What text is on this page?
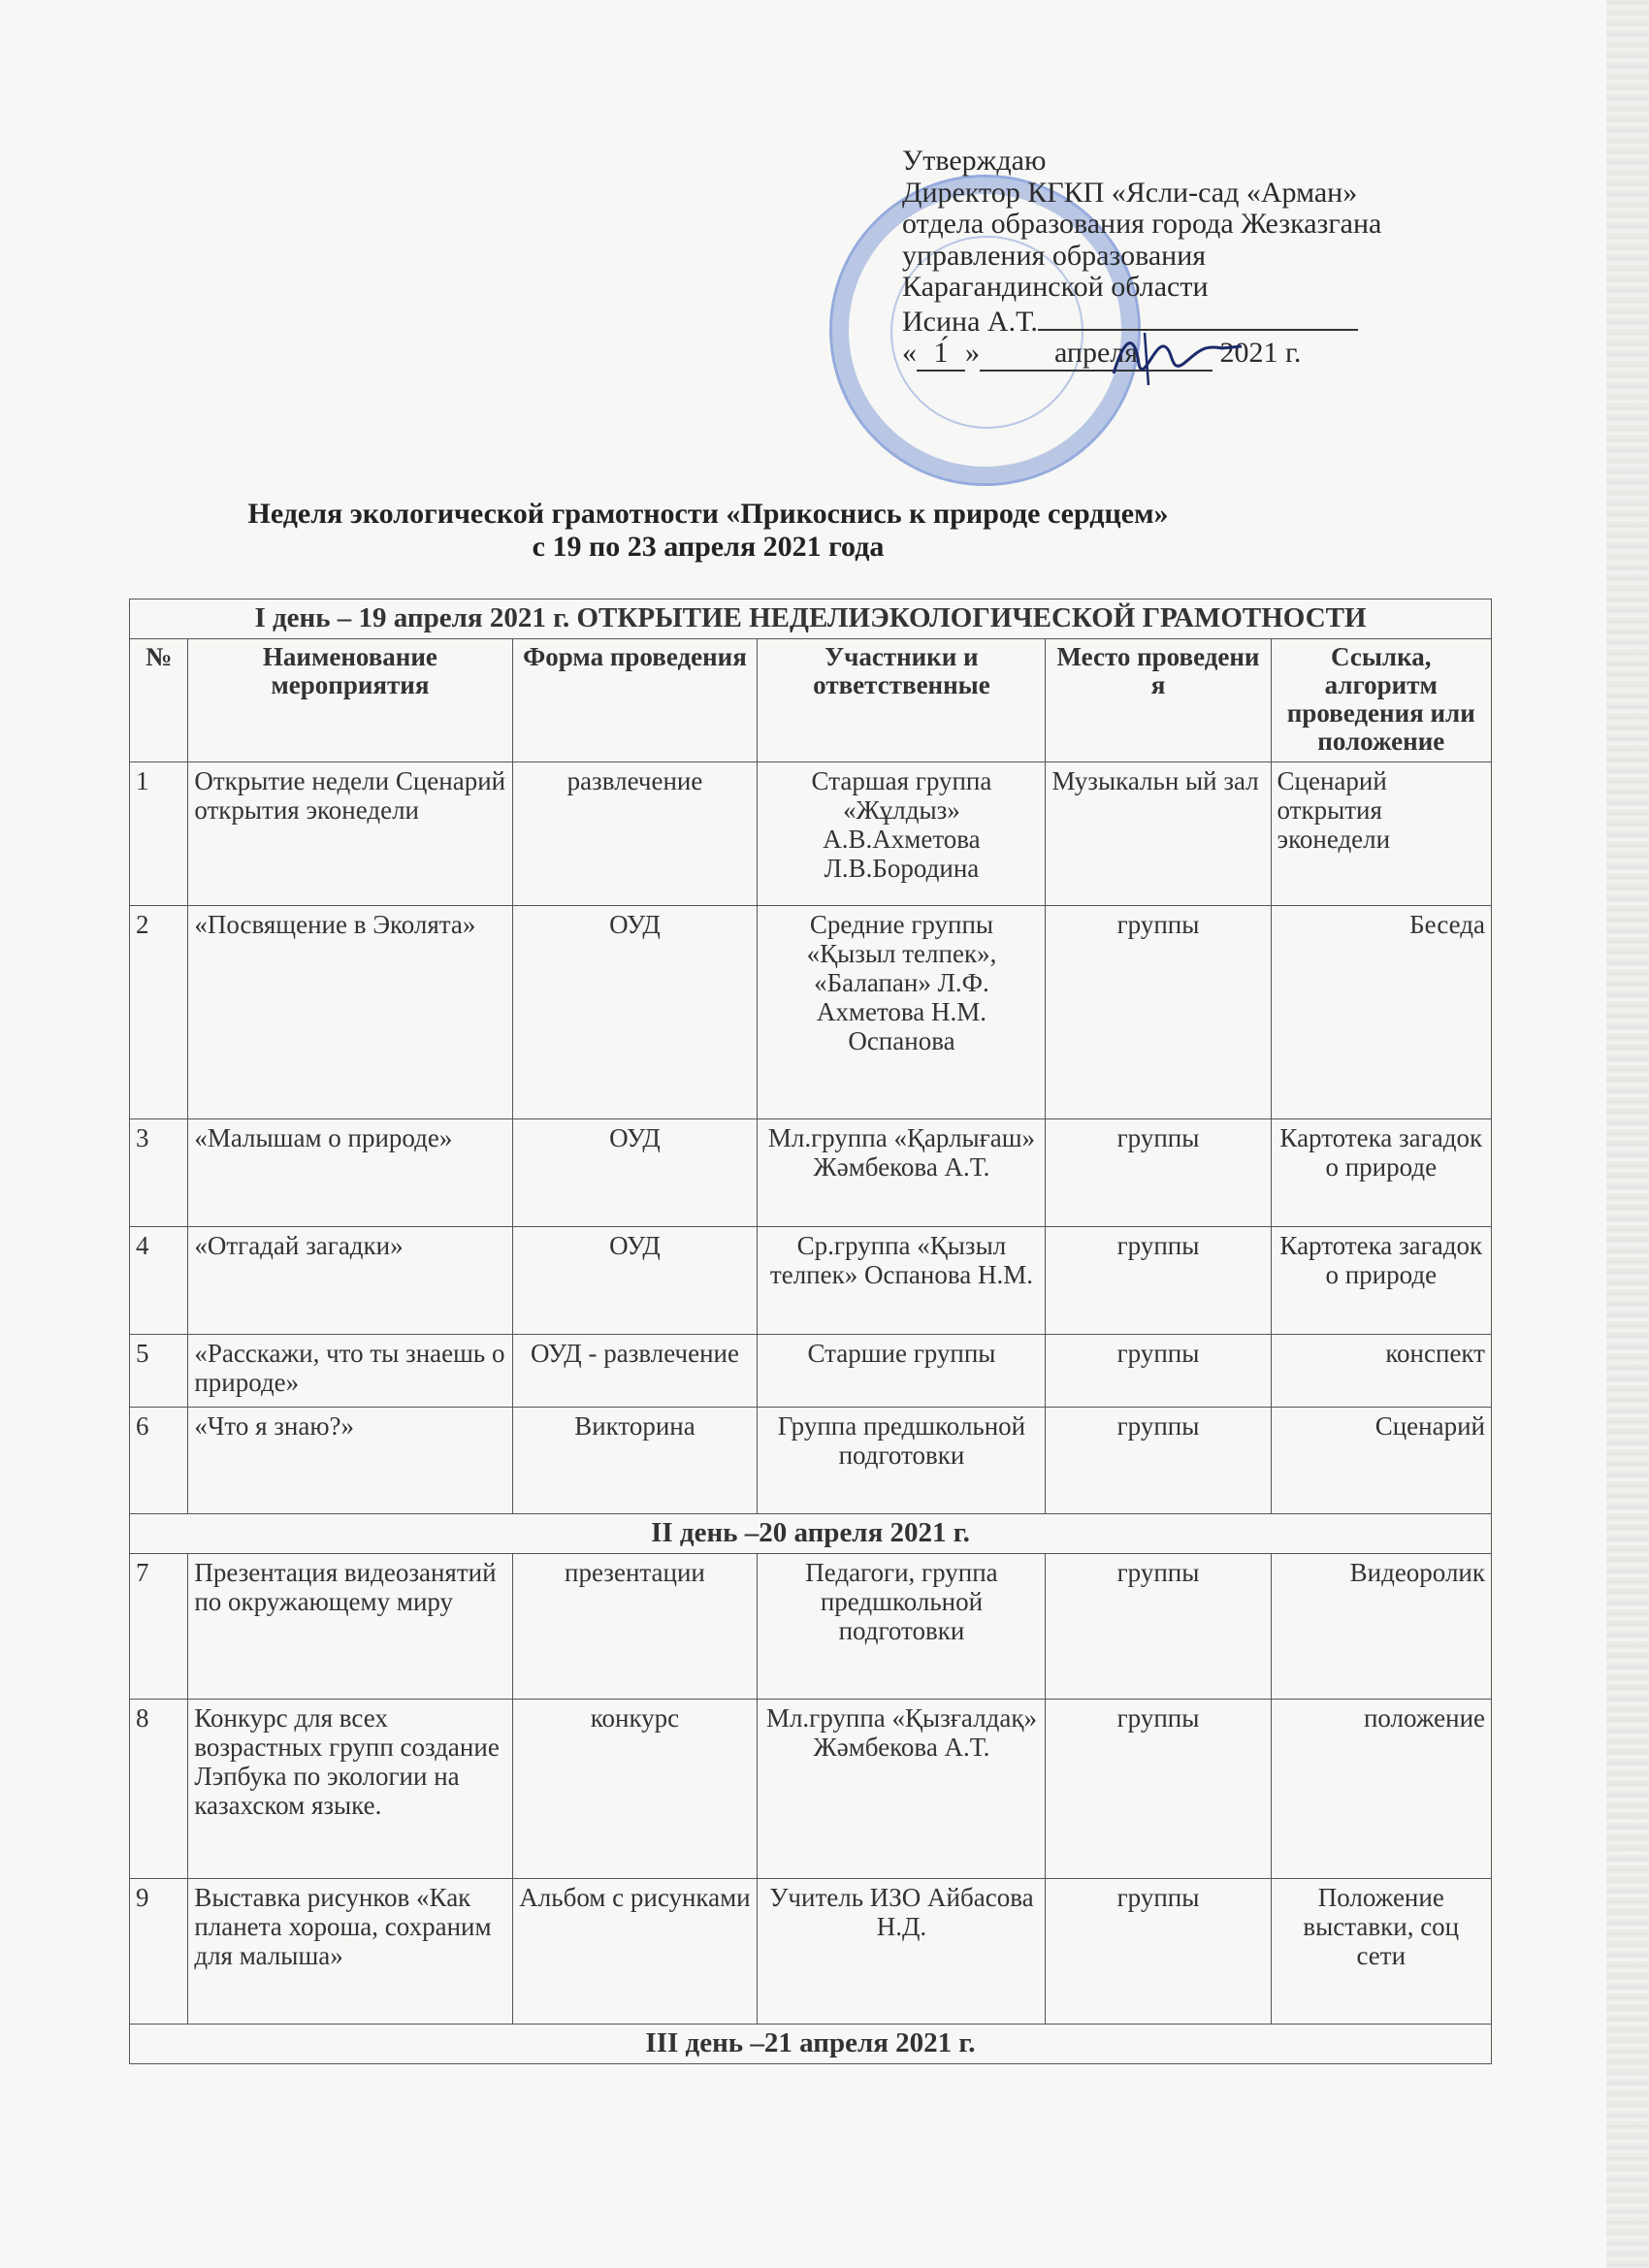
Утверждаю
Директор КГКП «Ясли-сад «Арман»
отдела образования города Жезказгана
управления образования
Карагандинской области
Исина А.Т.
« 1́ »	апреля	2021 г.
Неделя экологической грамотности «Прикоснись к природе сердцем»
с 19 по 23 апреля 2021 года
I день – 19 апреля 2021 г. ОТКРЫТИЕ НЕДЕЛИЭКОЛОГИЧЕСКОЙ ГРАМОТНОСТИ					
№	Наименование мероприятия	Форма проведения	Участники и ответственные	Место проведени я	Ссылка, алгоритм проведения или положение
1	Открытие недели Сценарий открытия эконедели	развлечение	Старшая группа «Жұлдыз» А.В.Ахметова Л.В.Бородина	Музыкальн ый зал	Сценарий открытия эконедели
2	«Посвящение в Эколята»	ОУД	Средние группы «Қызыл телпек», «Балапан» Л.Ф. Ахметова Н.М. Оспанова	группы	Беседа
3	«Малышам о природе»	ОУД	Мл.группа «Қарлығаш» Жәмбекова А.Т.	группы	Картотека загадок о природе
4	«Отгадай загадки»	ОУД	Ср.группа «Қызыл телпек» Оспанова Н.М.	группы	Картотека загадок о природе
5	«Расскажи, что ты знаешь о природе»	ОУД - развлечение	Старшие группы	группы	конспект
6	«Что я знаю?»	Викторина	Группа предшкольной подготовки	группы	Сценарий
II день –20 апреля 2021 г.					
7	Презентация видеозанятий по окружающему миру	презентации	Педагоги, группа предшкольной подготовки	группы	Видеоролик
8	Конкурс для всех возрастных групп создание Лэпбука по экологии на казахском языке.	конкурс	Мл.группа «Қызғалдақ» Жәмбекова А.Т.	группы	положение
9	Выставка рисунков «Как планета хороша, сохраним для малыша»	Альбом с рисунками	Учитель ИЗО Айбасова Н.Д.	группы	Положение выставки, соц сети
III день –21 апреля 2021 г.					
